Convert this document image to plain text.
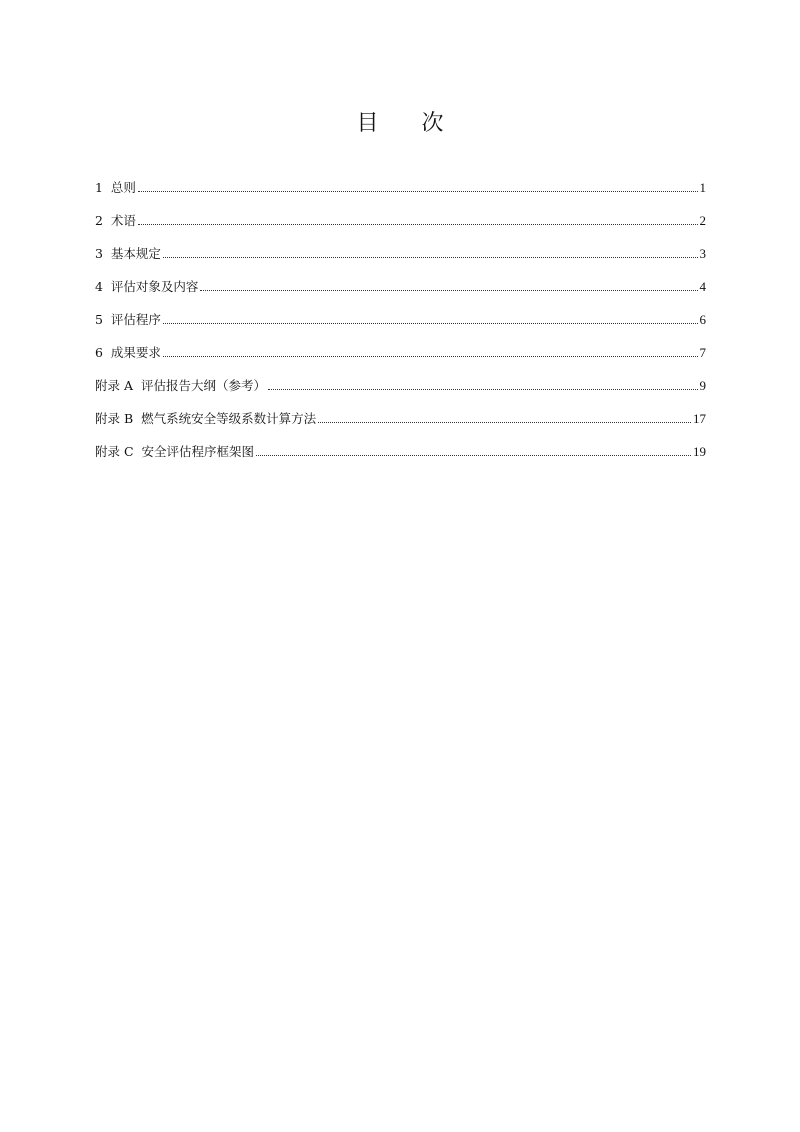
目 次
1  总则	1
2  术语	2
3  基本规定	3
4  评估对象及内容	4
5  评估程序	6
6  成果要求	7
附录 A  评估报告大纲（参考）	9
附录 B  燃气系统安全等级系数计算方法	17
附录 C  安全评估程序框架图	19
